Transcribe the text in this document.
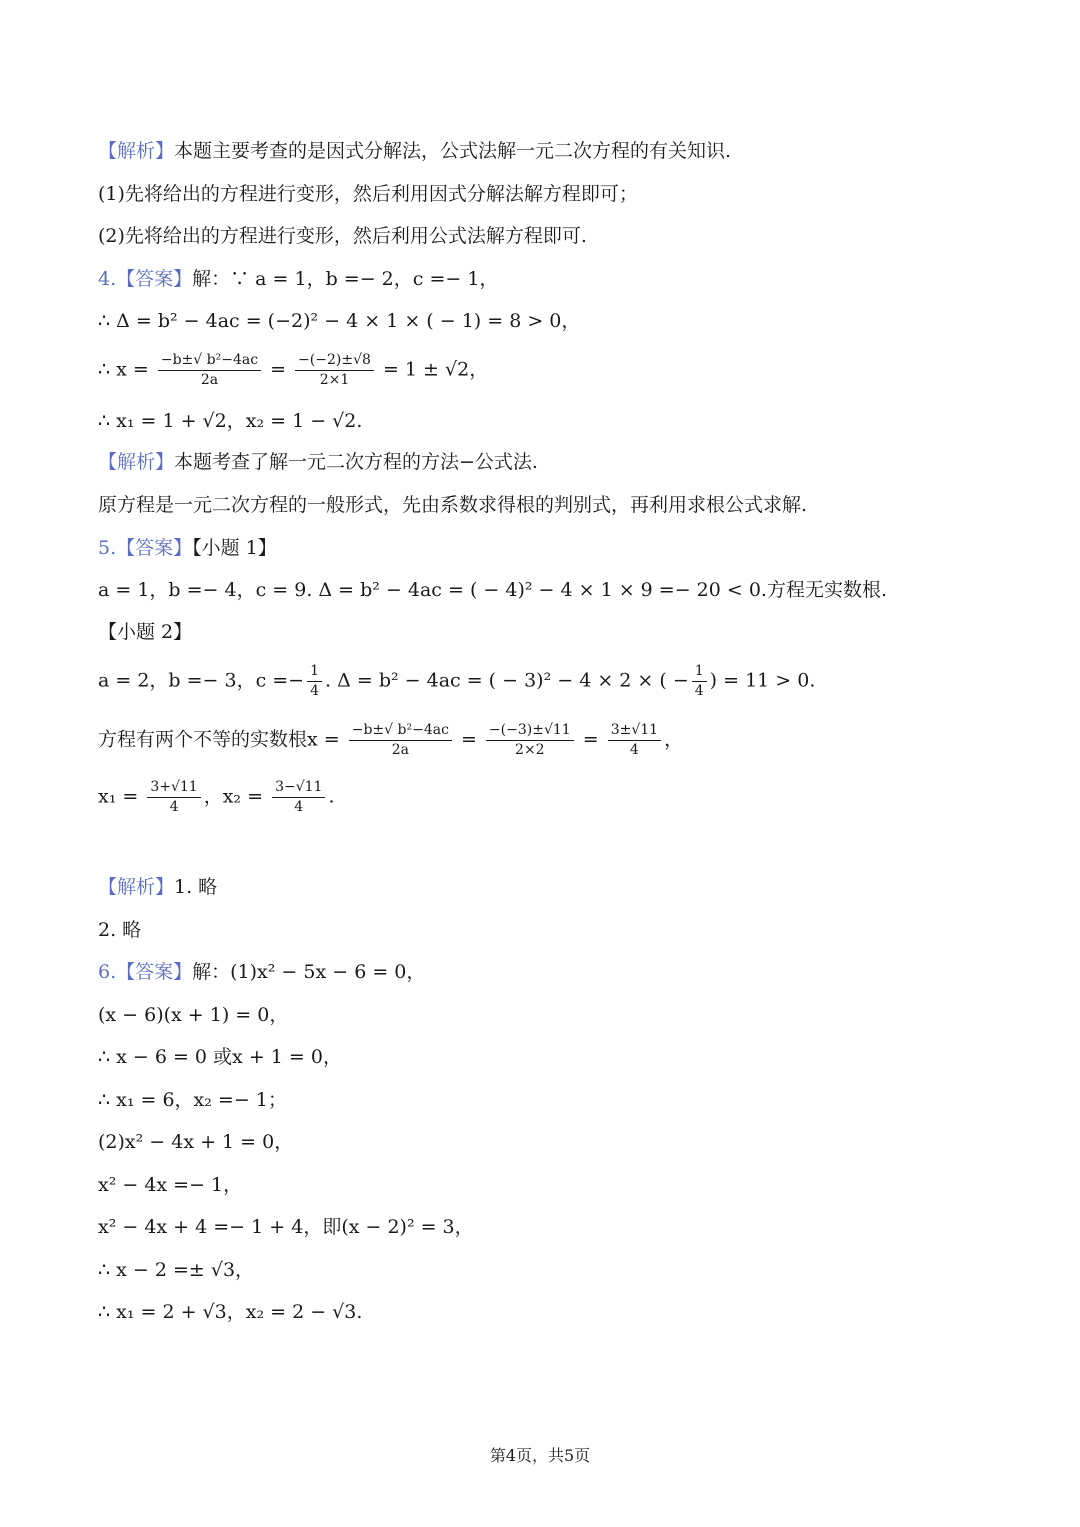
【解析】本题主要考查的是因式分解法，公式法解一元二次方程的有关知识.
(1)先将给出的方程进行变形，然后利用因式分解法解方程即可；
(2)先将给出的方程进行变形，然后利用公式法解方程即可.
4.【答案】解：∵ a = 1，b =− 2，c =− 1，
∴ Δ = b² − 4ac = (−2)² − 4 × 1 × ( − 1) = 8 > 0，
∴ $x = \frac{\text{−b±√ b²−4ac}}{2a} = \frac{-(-2)\pm√8}{2\times 1} = 1 \pm √2$，
∴ x₁ = 1 + √2，x₂ = 1 − √2.
【解析】本题考查了解一元二次方程的方法−公式法.
原方程是一元二次方程的一般形式，先由系数求得根的判别式，再利用求根公式求解.
5.【答案】【小题 1】
a = 1，b =− 4，c = 9. Δ = b² − 4ac = ( − 4)² − 4 × 1 × 9 =− 20 < 0.方程无实数根.
【小题 2】
a = 2，b =− 3，$c =- \frac{1}{4}$ . Δ = b² − 4ac = ( − 3)² − 4 × 2 × ( − $\frac{1}{4}$ ) = 11 > 0.
方程有两个不等的实数根$x = \frac{\text{−b±√ b²−4ac}}{2a} = \frac{-(-3)\pm√11}{2\times 2} = \frac{3\pm√11}{4}$ ，
$x_1 = \frac{3+√11}{4}$ ，$x_2 = \frac{3-√11}{4}$ .
【解析】1. 略
2. 略
6.【答案】解：(1)x² − 5x − 6 = 0，
(x − 6)(x + 1) = 0，
∴ x − 6 = 0 或x + 1 = 0，
∴ x₁ = 6，x₂ =− 1；
(2)x² − 4x + 1 = 0，
x² − 4x =− 1，
x² − 4x + 4 =− 1 + 4，即(x − 2)² = 3，
∴ x − 2 =± √3，
∴ x₁ = 2 + √3，x₂ = 2 − √3.
第4页，共5页
